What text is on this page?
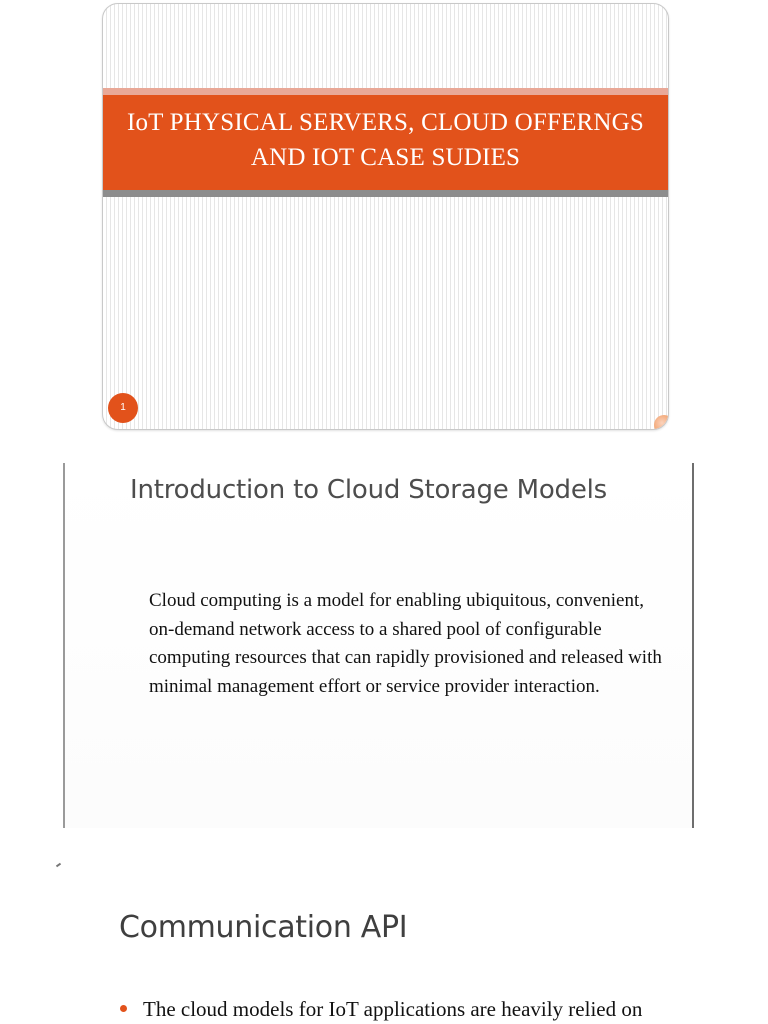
IoT PHYSICAL SERVERS, CLOUD OFFERNGS AND IOT CASE SUDIES
1
Introduction to Cloud Storage Models

Cloud computing is a model for enabling ubiquitous, convenient, on-demand network access to a shared pool of configurable computing resources that can rapidly provisioned and released with minimal management effort or service provider interaction.

Communication API
The cloud models for IoT applications are heavily relied on
